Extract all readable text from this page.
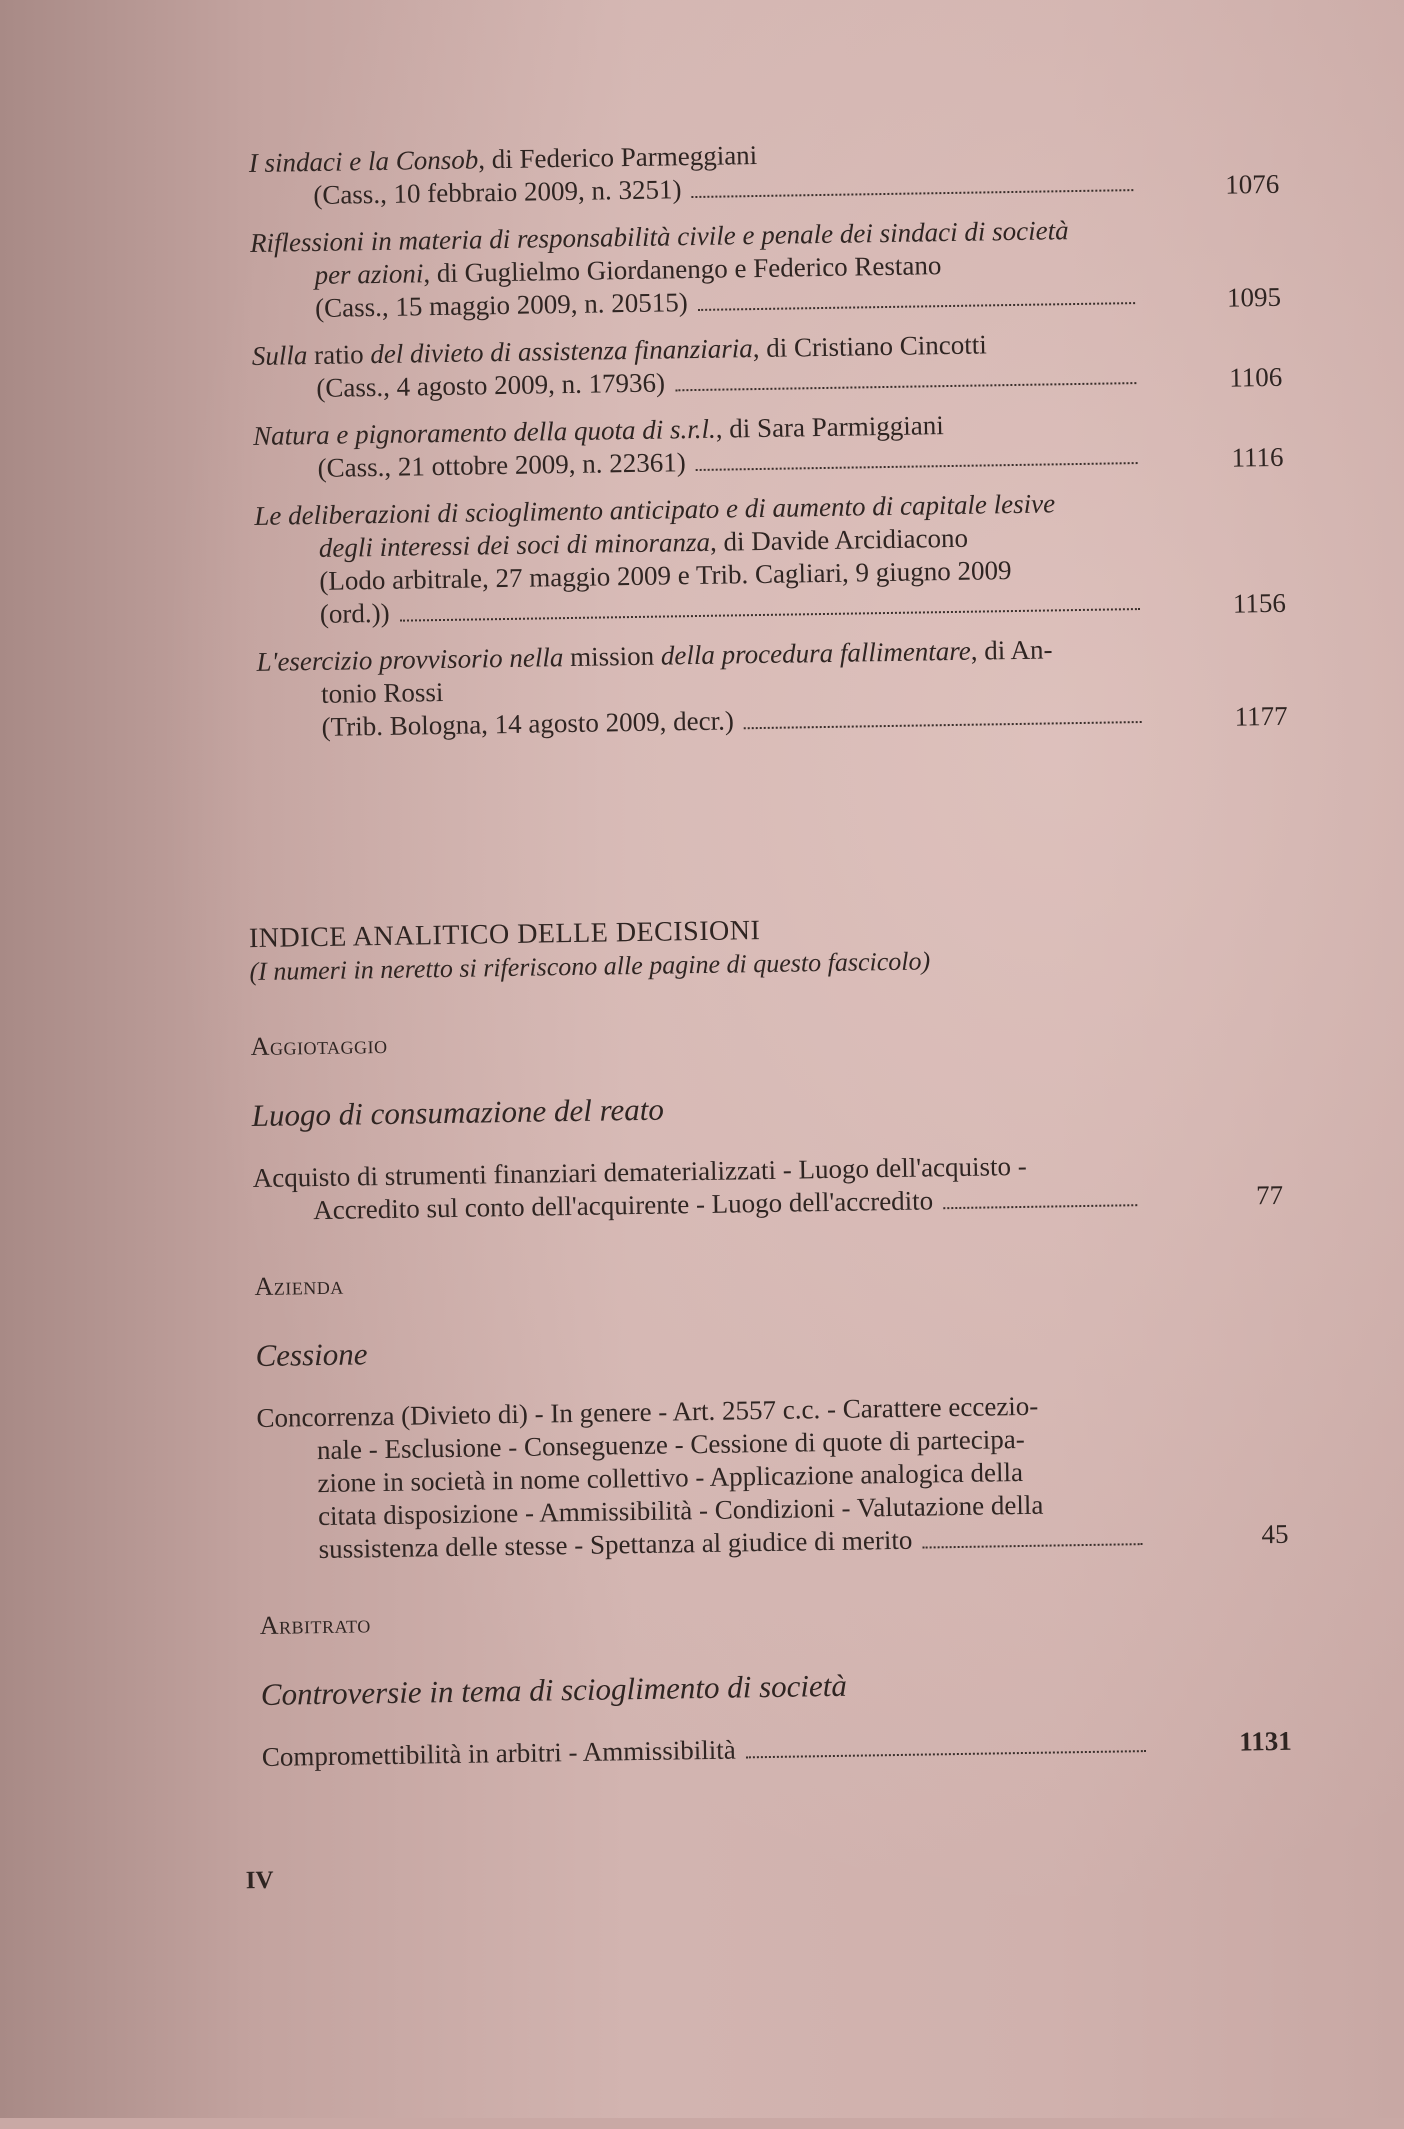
I sindaci e la Consob, di Federico Parmeggiani
(Cass., 10 febbraio 2009, n. 3251)	1076
Riflessioni in materia di responsabilità civile e penale dei sindaci di società
per azioni, di Guglielmo Giordanengo e Federico Restano
(Cass., 15 maggio 2009, n. 20515)	1095
Sulla ratio del divieto di assistenza finanziaria, di Cristiano Cincotti
(Cass., 4 agosto 2009, n. 17936)	1106
Natura e pignoramento della quota di s.r.l., di Sara Parmiggiani
(Cass., 21 ottobre 2009, n. 22361)	1116
Le deliberazioni di scioglimento anticipato e di aumento di capitale lesive
degli interessi dei soci di minoranza, di Davide Arcidiacono
(Lodo arbitrale, 27 maggio 2009 e Trib. Cagliari, 9 giugno 2009
(ord.))	1156
L'esercizio provvisorio nella mission della procedura fallimentare, di An-
tonio Rossi
(Trib. Bologna, 14 agosto 2009, decr.)	1177
INDICE ANALITICO DELLE DECISIONI
(I numeri in neretto si riferiscono alle pagine di questo fascicolo)
Aggiotaggio
Luogo di consumazione del reato
Acquisto di strumenti finanziari dematerializzati - Luogo dell'acquisto -
Accredito sul conto dell'acquirente - Luogo dell'accredito	77
Azienda
Cessione
Concorrenza (Divieto di) - In genere - Art. 2557 c.c. - Carattere eccezio-
nale - Esclusione - Conseguenze - Cessione di quote di partecipa-
zione in società in nome collettivo - Applicazione analogica della
citata disposizione - Ammissibilità - Condizioni - Valutazione della
sussistenza delle stesse - Spettanza al giudice di merito	45
Arbitrato
Controversie in tema di scioglimento di società
Compromettibilità in arbitri - Ammissibilità	1131
IV
